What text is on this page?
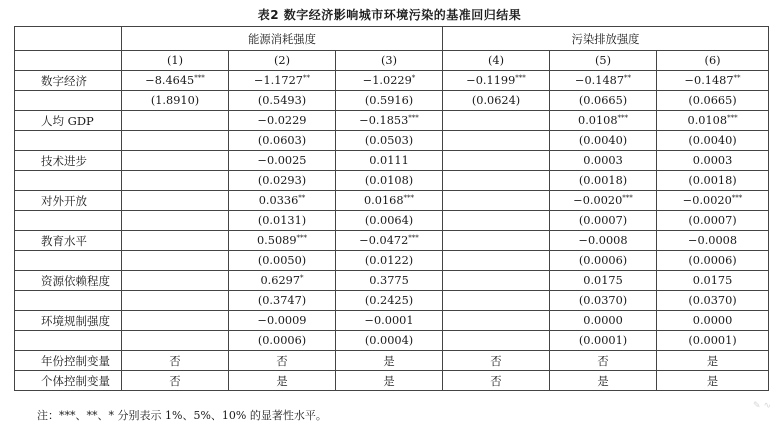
表2 数字经济影响城市环境污染的基准回归结果
	能源消耗强度			污染排放强度		
	(1)	(2)	(3)	(4)	(5)	(6)
数字经济	−8.4645***	−1.1727**	−1.0229*	−0.1199***	−0.1487**	−0.1487**
	(1.8910)	(0.5493)	(0.5916)	(0.0624)	(0.0665)	(0.0665)
人均 GDP		−0.0229	−0.1853***		0.0108***	0.0108***
		(0.0603)	(0.0503)		(0.0040)	(0.0040)
技术进步		−0.0025	0.0111		0.0003	0.0003
		(0.0293)	(0.0108)		(0.0018)	(0.0018)
对外开放		0.0336**	0.0168***		−0.0020***	−0.0020***
		(0.0131)	(0.0064)		(0.0007)	(0.0007)
教育水平		0.5089***	−0.0472***		−0.0008	−0.0008
		(0.0050)	(0.0122)		(0.0006)	(0.0006)
资源依赖程度		0.6297*	0.3775		0.0175	0.0175
		(0.3747)	(0.2425)		(0.0370)	(0.0370)
环境规制强度		−0.0009	−0.0001		0.0000	0.0000
		(0.0006)	(0.0004)		(0.0001)	(0.0001)
年份控制变量	否	否	是	否	否	是
个体控制变量	否	是	是	否	是	是
注：***、**、* 分别表示 1%、5%、10% 的显著性水平。
✎ ∿
